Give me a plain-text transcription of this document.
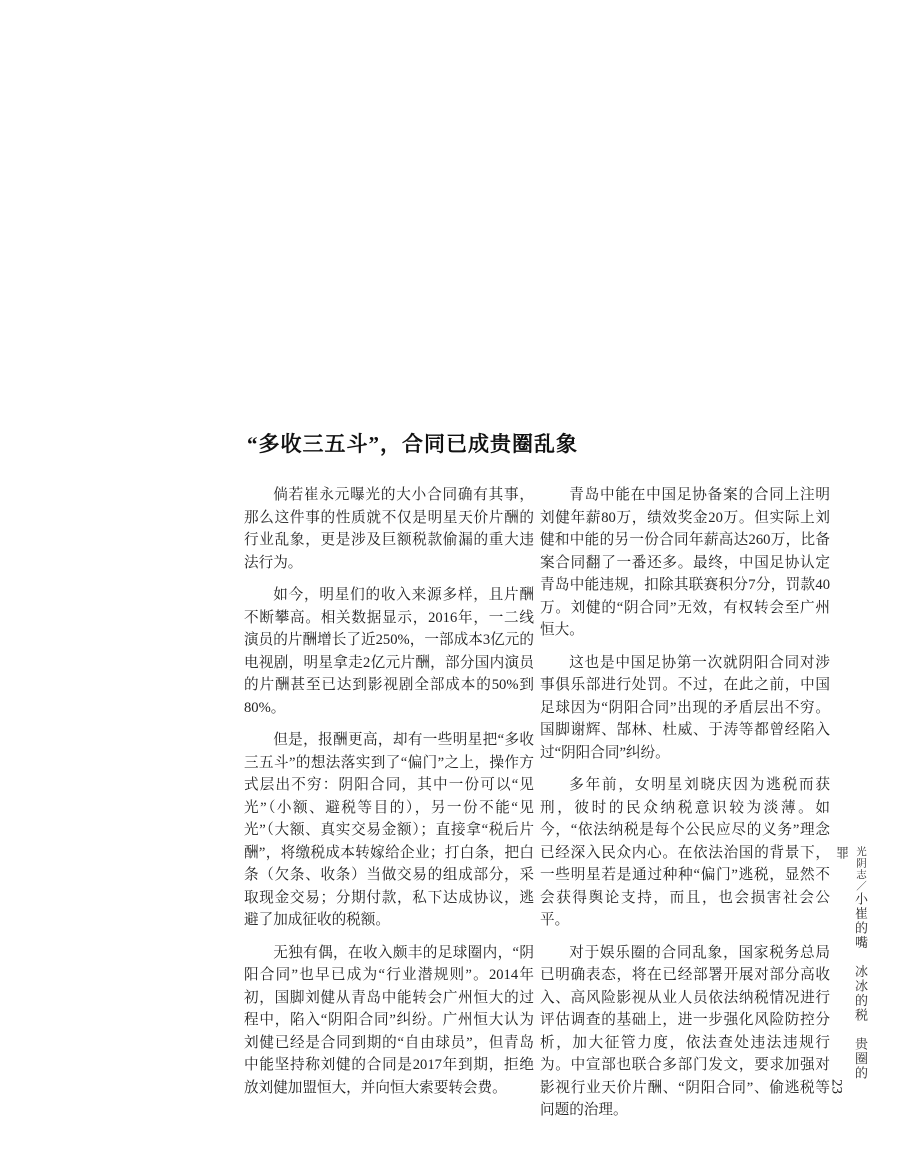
“多收三五斗”，合同已成贵圈乱象

倘若崔永元曝光的大小合同确有其事，那么这件事的性质就不仅是明星天价片酬的行业乱象，更是涉及巨额税款偷漏的重大违法行为。

如今，明星们的收入来源多样，且片酬不断攀高。相关数据显示，2016年，一二线演员的片酬增长了近250%，一部成本3亿元的电视剧，明星拿走2亿元片酬，部分国内演员的片酬甚至已达到影视剧全部成本的50%到80%。

但是，报酬更高，却有一些明星把“多收三五斗”的想法落实到了“偏门”之上，操作方式层出不穷：阴阳合同，其中一份可以“见光”（小额、避税等目的），另一份不能“见光”（大额、真实交易金额）；直接拿“税后片酬”，将缴税成本转嫁给企业；打白条，把白条（欠条、收条）当做交易的组成部分，采取现金交易；分期付款，私下达成协议，逃避了加成征收的税额。

无独有偶，在收入颇丰的足球圈内，“阴阳合同”也早已成为“行业潜规则”。2014年初，国脚刘健从青岛中能转会广州恒大的过程中，陷入“阴阳合同”纠纷。广州恒大认为刘健已经是合同到期的“自由球员”，但青岛中能坚持称刘健的合同是2017年到期，拒绝放刘健加盟恒大，并向恒大索要转会费。

青岛中能在中国足协备案的合同上注明刘健年薪80万，绩效奖金20万。但实际上刘健和中能的另一份合同年薪高达260万，比备案合同翻了一番还多。最终，中国足协认定青岛中能违规，扣除其联赛积分7分，罚款40万。刘健的“阴合同”无效，有权转会至广州恒大。

这也是中国足协第一次就阴阳合同对涉事俱乐部进行处罚。不过，在此之前，中国足球因为“阴阳合同”出现的矛盾层出不穷。国脚谢辉、郜林、杜威、于涛等都曾经陷入过“阴阳合同”纠纷。

多年前，女明星刘晓庆因为逃税而获刑，彼时的民众纳税意识较为淡薄。如今，“依法纳税是每个公民应尽的义务”理念已经深入民众内心。在依法治国的背景下，一些明星若是通过种种“偏门”逃税，显然不会获得舆论支持，而且，也会损害社会公平。

对于娱乐圈的合同乱象，国家税务总局已明确表态，将在已经部署开展对部分高收入、高风险影视从业人员依法纳税情况进行评估调查的基础上，进一步强化风险防控分析，加大征管力度，依法查处违法违规行为。中宣部也联合多部门发文，要求加强对影视行业天价片酬、“阴阳合同”、偷逃税等问题的治理。

光阴志／小崔的嘴　冰冰的税　贵圈的罪
23
